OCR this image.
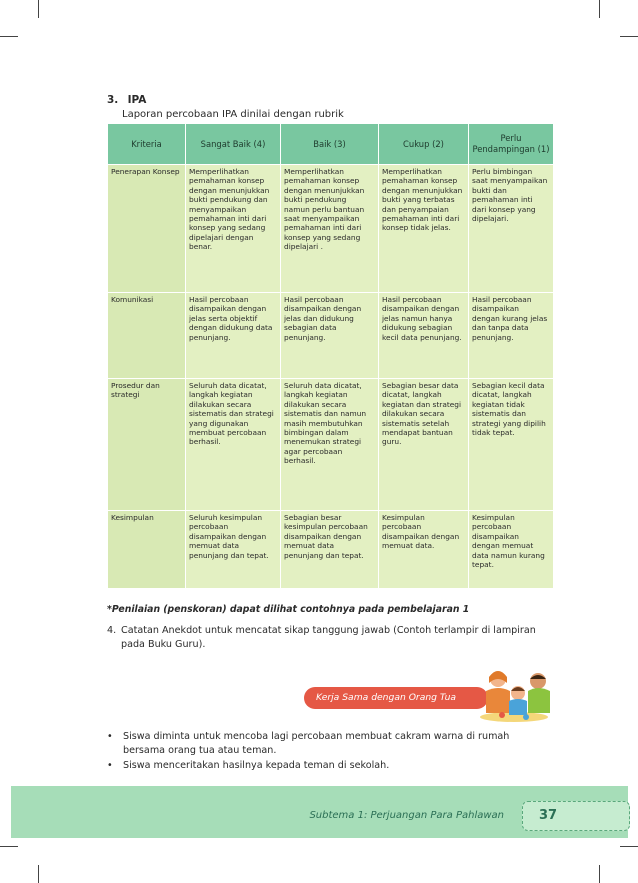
3. IPA
Laporan percobaan IPA dinilai dengan rubrik
Kriteria	Sangat Baik (4)	Baik (3)	Cukup (2)	Perlu Pendampingan (1)
Penerapan Konsep	Memperlihatkan pemahaman konsep dengan menunjukkan bukti pendukung dan menyampaikan pemahaman inti dari konsep yang sedang dipelajari dengan benar.	Memperlihatkan pemahaman konsep dengan menunjukkan bukti pendukung namun perlu bantuan saat menyampaikan pemahaman inti dari konsep yang sedang dipelajari .	Memperlihatkan pemahaman konsep dengan menunjukkan bukti yang terbatas dan penyampaian pemahaman inti dari konsep tidak jelas.	Perlu bimbingan saat menyampaikan bukti dan pemahaman inti dari konsep yang dipelajari.
Komunikasi	Hasil percobaan disampaikan dengan jelas serta objektif dengan didukung data penunjang.	Hasil percobaan disampaikan dengan jelas dan didukung sebagian data penunjang.	Hasil percobaan disampaikan dengan jelas namun hanya didukung sebagian kecil data penunjang.	Hasil percobaan disampaikan dengan kurang jelas dan tanpa data penunjang.
Prosedur dan strategi	Seluruh data dicatat, langkah kegiatan dilakukan secara sistematis dan strategi yang digunakan membuat percobaan berhasil.	Seluruh data dicatat, langkah kegiatan dilakukan secara sistematis dan namun masih membutuhkan bimbingan dalam menemukan strategi agar percobaan berhasil.	Sebagian besar data dicatat, langkah kegiatan dan strategi dilakukan secara sistematis setelah mendapat bantuan guru.	Sebagian kecil data dicatat, langkah kegiatan tidak sistematis dan strategi yang dipilih tidak tepat.
Kesimpulan	Seluruh kesimpulan percobaan disampaikan dengan memuat data penunjang dan tepat.	Sebagian besar kesimpulan percobaan disampaikan dengan memuat data penunjang dan tepat.	Kesimpulan percobaan disampaikan dengan memuat data.	Kesimpulan percobaan disampaikan dengan memuat data namun kurang tepat.
*Penilaian (penskoran) dapat dilihat contohnya pada pembelajaran 1
4. Catatan Anekdot untuk mencatat sikap tanggung jawab (Contoh terlampir di lampiran pada Buku Guru).
Kerja Sama dengan Orang Tua
• Siswa diminta untuk mencoba lagi percobaan membuat cakram warna di rumah bersama orang tua atau teman.
• Siswa menceritakan hasilnya kepada teman di sekolah.
Subtema 1: Perjuangan Para Pahlawan	37
